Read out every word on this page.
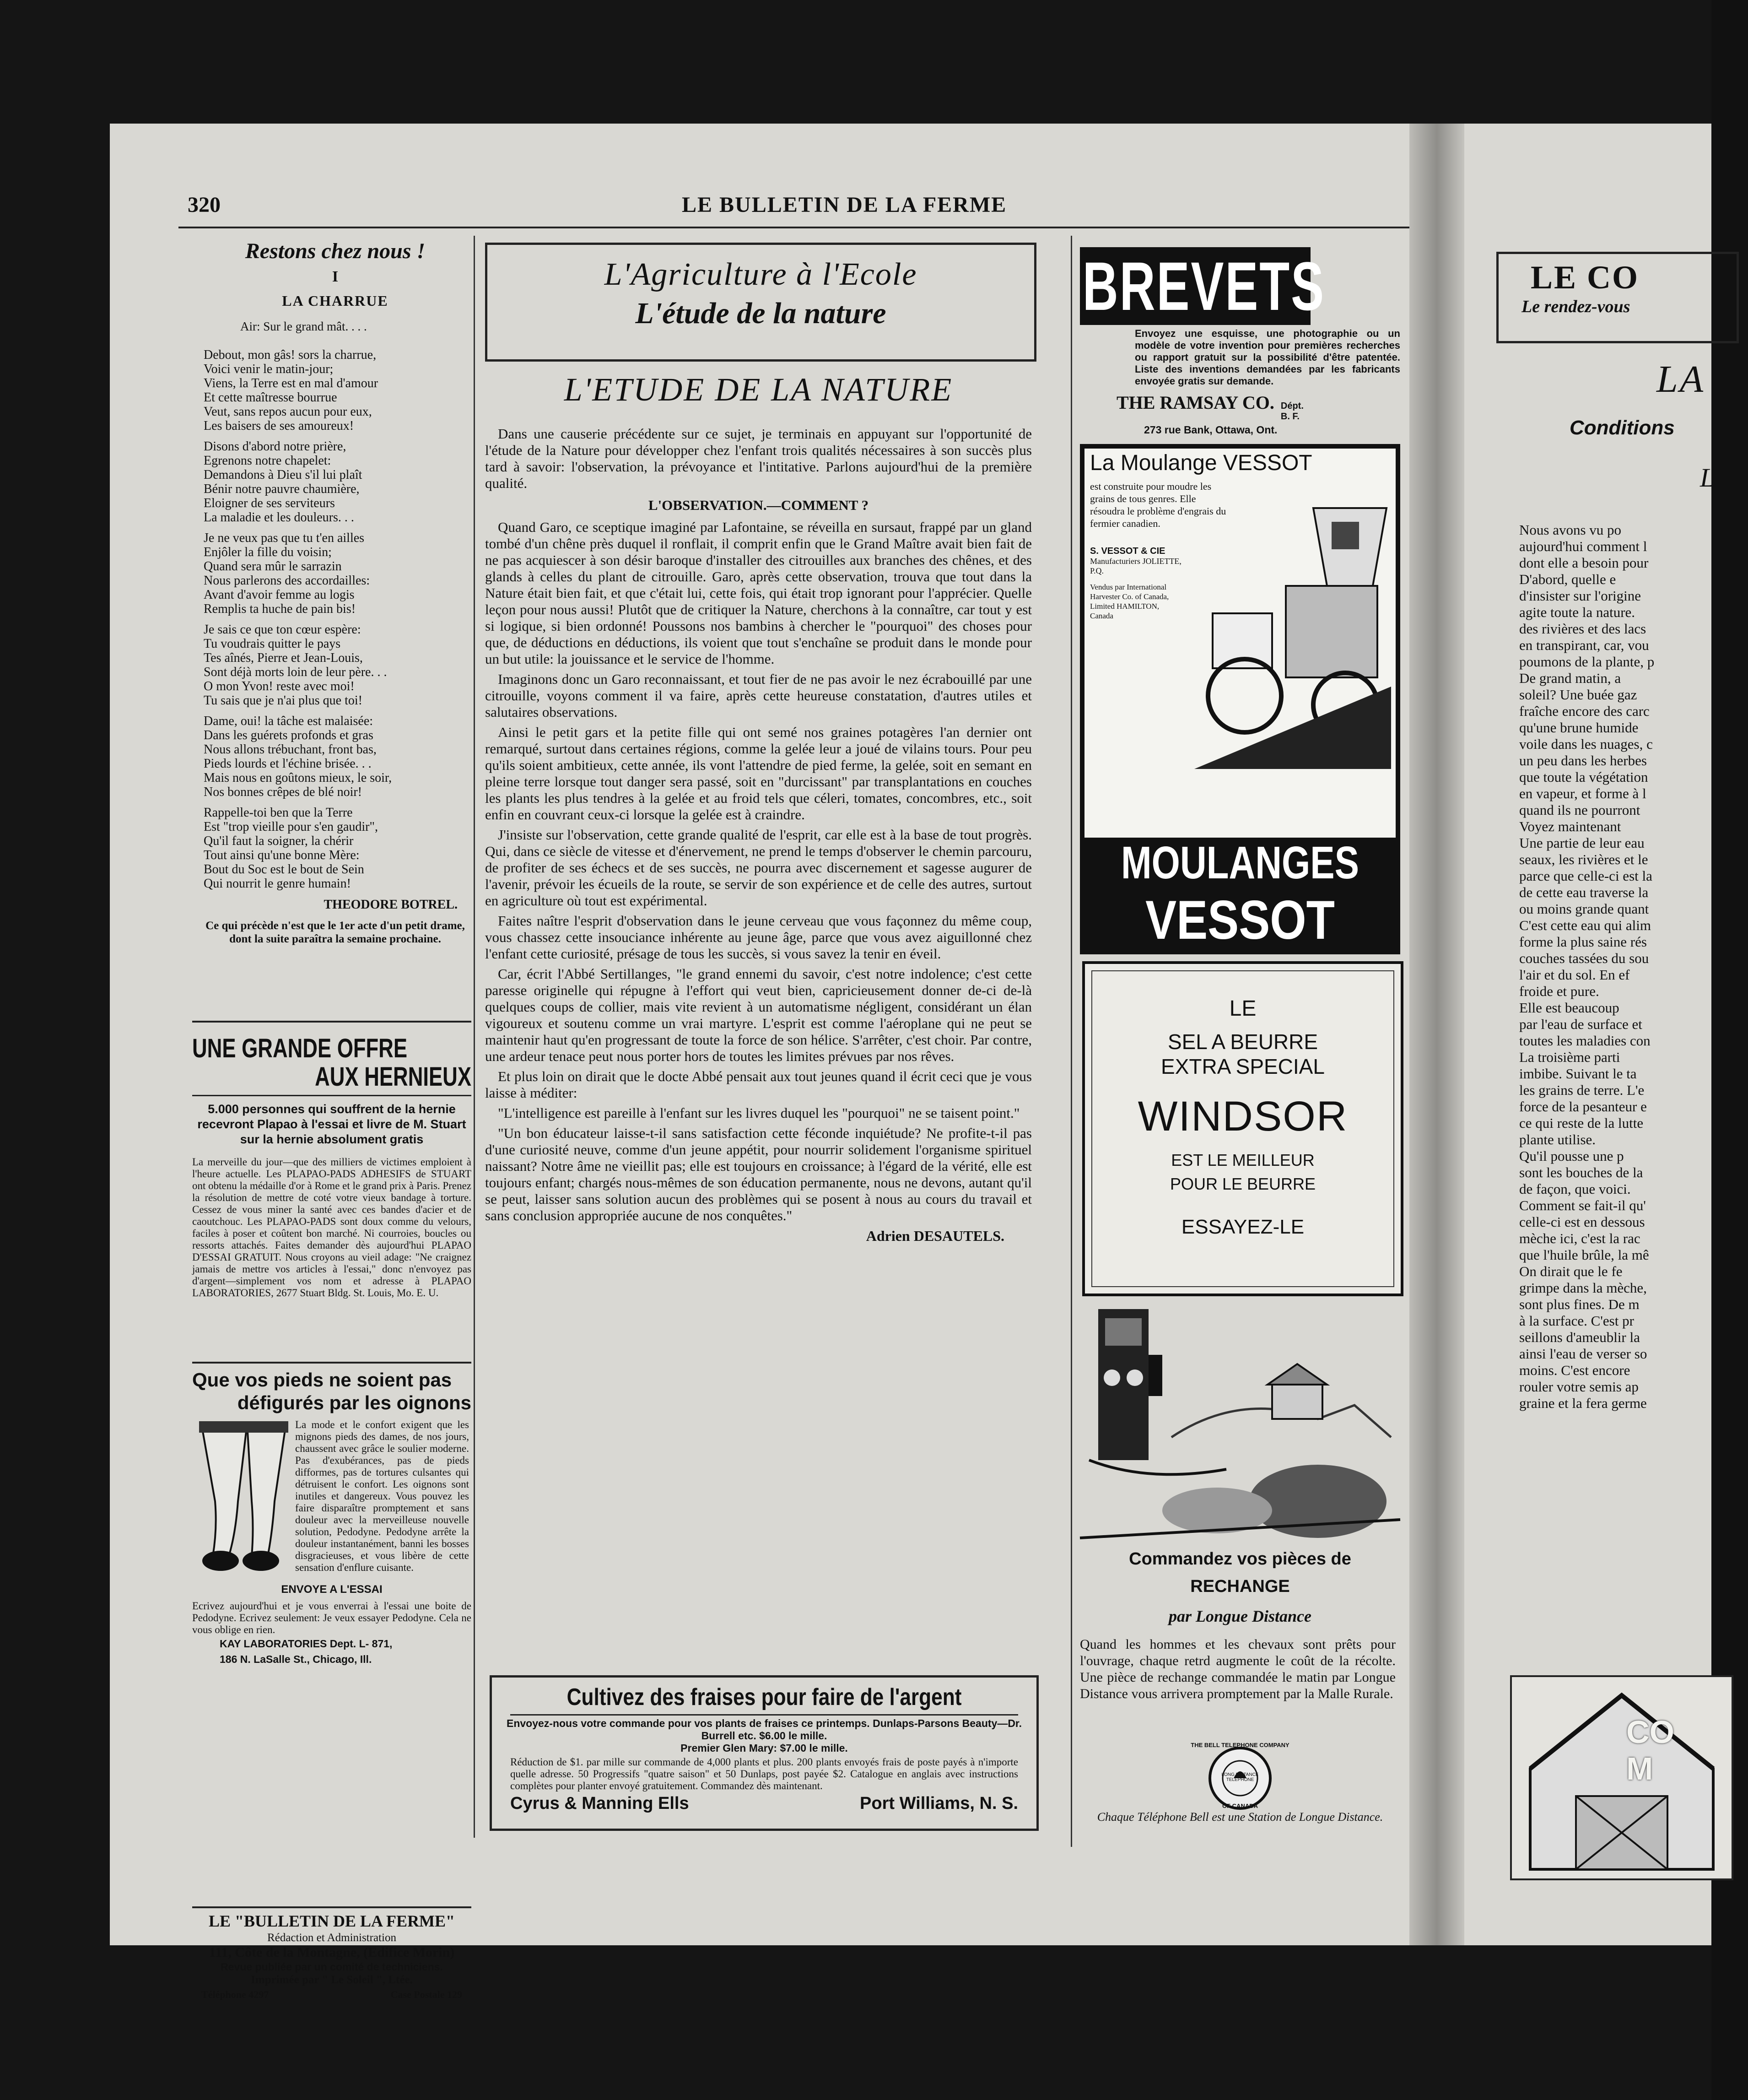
320	LE BULLETIN DE LA FERME
Restons chez nous !
I
LA CHARRUE
Air: Sur le grand mât. . . .
Debout, mon gâs! sors la charrue,
Voici venir le matin-jour;
Viens, la Terre est en mal d'amour
Et cette maîtresse bourrue
Veut, sans repos aucun pour eux,
Les baisers de ses amoureux!
Disons d'abord notre prière,
Egrenons notre chapelet:
Demandons à Dieu s'il lui plaît
Bénir notre pauvre chaumière,
Eloigner de ses serviteurs
La maladie et les douleurs. . .
Je ne veux pas que tu t'en ailles
Enjôler la fille du voisin;
Quand sera mûr le sarrazin
Nous parlerons des accordailles:
Avant d'avoir femme au logis
Remplis ta huche de pain bis!
Je sais ce que ton cœur espère:
Tu voudrais quitter le pays
Tes aînés, Pierre et Jean-Louis,
Sont déjà morts loin de leur père. . .
O mon Yvon! reste avec moi!
Tu sais que je n'ai plus que toi!
Dame, oui! la tâche est malaisée:
Dans les guérets profonds et gras
Nous allons trébuchant, front bas,
Pieds lourds et l'échine brisée. . .
Mais nous en goûtons mieux, le soir,
Nos bonnes crêpes de blé noir!
Rappelle-toi ben que la Terre
Est "trop vieille pour s'en gaudir",
Qu'il faut la soigner, la chérir
Tout ainsi qu'une bonne Mère:
Bout du Soc est le bout de Sein
Qui nourrit le genre humain!
THEODORE BOTREL.
Ce qui précède n'est que le 1er acte d'un petit drame, dont la suite paraîtra la semaine prochaine.
UNE GRANDE OFFRE
AUX HERNIEUX
5.000 personnes qui souffrent de la hernie recevront Plapao à l'essai et livre de M. Stuart sur la hernie absolument gratis
La merveille du jour—que des milliers de victimes emploient à l'heure actuelle. Les PLAPAO-PADS ADHESIFS de STUART ont obtenu la médaille d'or à Rome et le grand prix à Paris. Prenez la résolution de mettre de coté votre vieux bandage à torture. Cessez de vous miner la santé avec ces bandes d'acier et de caoutchouc. Les PLAPAO-PADS sont doux comme du velours, faciles à poser et coûtent bon marché. Ni courroies, boucles ou ressorts attachés. Faites demander dès aujourd'hui PLAPAO D'ESSAI GRATUIT. Nous croyons au vieil adage: "Ne craignez jamais de mettre vos articles à l'essai," donc n'envoyez pas d'argent—simplement vos nom et adresse à PLAPAO LABORATORIES, 2677 Stuart Bldg. St. Louis, Mo. E. U.
Que vos pieds ne soient pas
défigurés par les oignons
La mode et le confort exigent que les mignons pieds des dames, de nos jours, chaussent avec grâce le soulier moderne. Pas d'exubérances, pas de pieds difformes, pas de tortures culsantes qui détruisent le confort. Les oignons sont inutiles et dangereux. Vous pouvez les faire disparaître promptement et sans douleur avec la merveilleuse nouvelle solution, Pedodyne. Pedodyne arrête la douleur instantanément, banni les bosses disgracieuses, et vous libère de cette sensation d'enflure cuisante.
ENVOYE A L'ESSAI
Ecrivez aujourd'hui et je vous enverrai à l'essai une boite de Pedodyne. Ecrivez seulement: Je veux essayer Pedodyne. Cela ne vous oblige en rien.
KAY LABORATORIES Dept. L- 871,
186 N. LaSalle St., Chicago, Ill.
LE "BULLETIN DE LA FERME"
Rédaction et Administration
111, Côte de la Montagne, (Edifice Morin)
Revue publiée par un comité de techniciens.
Imprimée par " Le Soleil ", Ltée.
Téléphone 4297	Case Postale 129
L'Agriculture à l'Ecole
L'étude de la nature
L'ETUDE DE LA NATURE

Dans une causerie précédente sur ce sujet, je terminais en appuyant sur l'opportunité de l'étude de la Nature pour développer chez l'enfant trois qualités nécessaires à son succès plus tard à savoir: l'observation, la prévoyance et l'intitative. Parlons aujourd'hui de la première qualité.

L'OBSERVATION.—COMMENT ?

Quand Garo, ce sceptique imaginé par Lafontaine, se réveilla en sursaut, frappé par un gland tombé d'un chêne près duquel il ronflait, il comprit enfin que le Grand Maître avait bien fait de ne pas acquiescer à son désir baroque d'installer des citrouilles aux branches des chênes, et des glands à celles du plant de citrouille. Garo, après cette observation, trouva que tout dans la Nature était bien fait, et que c'était lui, cette fois, qui était trop ignorant pour l'apprécier. Quelle leçon pour nous aussi! Plutôt que de critiquer la Nature, cherchons à la connaître, car tout y est si logique, si bien ordonné! Poussons nos bambins à chercher le "pourquoi" des choses pour que, de déductions en déductions, ils voient que tout s'enchaîne se produit dans le monde pour un but utile: la jouissance et le service de l'homme.

Imaginons donc un Garo reconnaissant, et tout fier de ne pas avoir le nez écrabouillé par une citrouille, voyons comment il va faire, après cette heureuse constatation, d'autres utiles et salutaires observations.

Ainsi le petit gars et la petite fille qui ont semé nos graines potagères l'an dernier ont remarqué, surtout dans certaines régions, comme la gelée leur a joué de vilains tours. Pour peu qu'ils soient ambitieux, cette année, ils vont l'attendre de pied ferme, la gelée, soit en semant en pleine terre lorsque tout danger sera passé, soit en "durcissant" par transplantations en couches les plants les plus tendres à la gelée et au froid tels que céleri, tomates, concombres, etc., soit enfin en couvrant ceux-ci lorsque la gelée est à craindre.

J'insiste sur l'observation, cette grande qualité de l'esprit, car elle est à la base de tout progrès. Qui, dans ce siècle de vitesse et d'énervement, ne prend le temps d'observer le chemin parcouru, de profiter de ses échecs et de ses succès, ne pourra avec discernement et sagesse augurer de l'avenir, prévoir les écueils de la route, se servir de son expérience et de celle des autres, surtout en agriculture où tout est expérimental.

Faites naître l'esprit d'observation dans le jeune cerveau que vous façonnez du même coup, vous chassez cette insouciance inhérente au jeune âge, parce que vous avez aiguillonné chez l'enfant cette curiosité, présage de tous les succès, si vous savez la tenir en éveil.

Car, écrit l'Abbé Sertillanges, "le grand ennemi du savoir, c'est notre indolence; c'est cette paresse originelle qui répugne à l'effort qui veut bien, capricieusement donner de-ci de-là quelques coups de collier, mais vite revient à un automatisme négligent, considérant un élan vigoureux et soutenu comme un vrai martyre. L'esprit est comme l'aéroplane qui ne peut se maintenir haut qu'en progressant de toute la force de son hélice. S'arrêter, c'est choir. Par contre, une ardeur tenace peut nous porter hors de toutes les limites prévues par nos rêves.

Et plus loin on dirait que le docte Abbé pensait aux tout jeunes quand il écrit ceci que je vous laisse à méditer:

"L'intelligence est pareille à l'enfant sur les livres duquel les "pourquoi" ne se taisent point."

"Un bon éducateur laisse-t-il sans satisfaction cette féconde inquiétude? Ne profite-t-il pas d'une curiosité neuve, comme d'un jeune appétit, pour nourrir solidement l'organisme spirituel naissant? Notre âme ne vieillit pas; elle est toujours en croissance; à l'égard de la vérité, elle est toujours enfant; chargés nous-mêmes de son éducation permanente, nous ne devons, autant qu'il se peut, laisser sans solution aucun des problèmes qui se posent à nous au cours du travail et sans conclusion appropriée aucune de nos conquêtes."

Adrien DESAUTELS.
Cultivez des fraises pour faire de l'argent
Envoyez-nous votre commande pour vos plants de fraises ce printemps. Dunlaps-Parsons Beauty—Dr. Burrell etc. $6.00 le mille.
Premier Glen Mary: $7.00 le mille.
Réduction de $1. par mille sur commande de 4,000 plants et plus. 200 plants envoyés frais de poste payés à n'importe quelle adresse. 50 Progressifs "quatre saison" et 50 Dunlaps, post payée $2. Catalogue en anglais avec instructions complètes pour planter envoyé gratuitement. Commandez dès maintenant.
Cyrus & Manning Ells	Port Williams, N. S.
BREVETS
Envoyez une esquisse, une photographie ou un modèle de votre invention pour premières recherches ou rapport gratuit sur la possibilité d'être patentée. Liste des inventions demandées par les fabricants envoyée gratis sur demande.
THE RAMSAY CO. Dépt. B. F.
273 rue Bank, Ottawa, Ont.
La Moulange VESSOT
est construite pour moudre les grains de tous genres. Elle résoudra le problème d'engrais du fermier canadien.
S. VESSOT & CIE
Manufacturiers JOLIETTE, P.Q.
Vendus par International Harvester Co. of Canada, Limited HAMILTON, Canada
MOULANGES
VESSOT
LE
SEL A BEURRE
EXTRA SPECIAL
WINDSOR
EST LE MEILLEUR
POUR LE BEURRE
ESSAYEZ-LE
Commandez vos pièces de
RECHANGE
par Longue Distance
Quand les hommes et les chevaux sont prêts pour l'ouvrage, chaque retrd augmente le coût de la récolte. Une pièce de rechange commandée le matin par Longue Distance vous arrivera promptement par la Malle Rurale.
THE BELL TELEPHONE COMPANY
LONG DISTANCE TELEPHONE
OF CANADA
Chaque Téléphone Bell est une Station de Longue Distance.
LE CO
Le rendez-vous
LA
Conditions
L
Nous avons vu po
aujourd'hui comment l
dont elle a besoin pour
D'abord, quelle e
d'insister sur l'origine
agite toute la nature.
des rivières et des lacs
en transpirant, car, vou
poumons de la plante, p
De grand matin, a
soleil? Une buée gaz
fraîche encore des carc
qu'une brune humide
voile dans les nuages, c
un peu dans les herbes
que toute la végétation
en vapeur, et forme à l
quand ils ne pourront
Voyez maintenant
Une partie de leur eau
seaux, les rivières et le
parce que celle-ci est la
de cette eau traverse la
ou moins grande quant
C'est cette eau qui alim
forme la plus saine rés
couches tassées du sou
l'air et du sol. En ef
froide et pure.
Elle est beaucoup
par l'eau de surface et
toutes les maladies con
La troisième parti
imbibe. Suivant le ta
les grains de terre. L'e
force de la pesanteur e
ce qui reste de la lutte
plante utilise.
Qu'il pousse une p
sont les bouches de la
de façon, que voici.
Comment se fait-il qu'
celle-ci est en dessous
mèche ici, c'est la rac
que l'huile brûle, la mê
On dirait que le fe
grimpe dans la mèche,
sont plus fines. De m
à la surface. C'est pr
seillons d'ameublir la
ainsi l'eau de verser so
moins. C'est encore
rouler votre semis ap
graine et la fera germe
CO M
